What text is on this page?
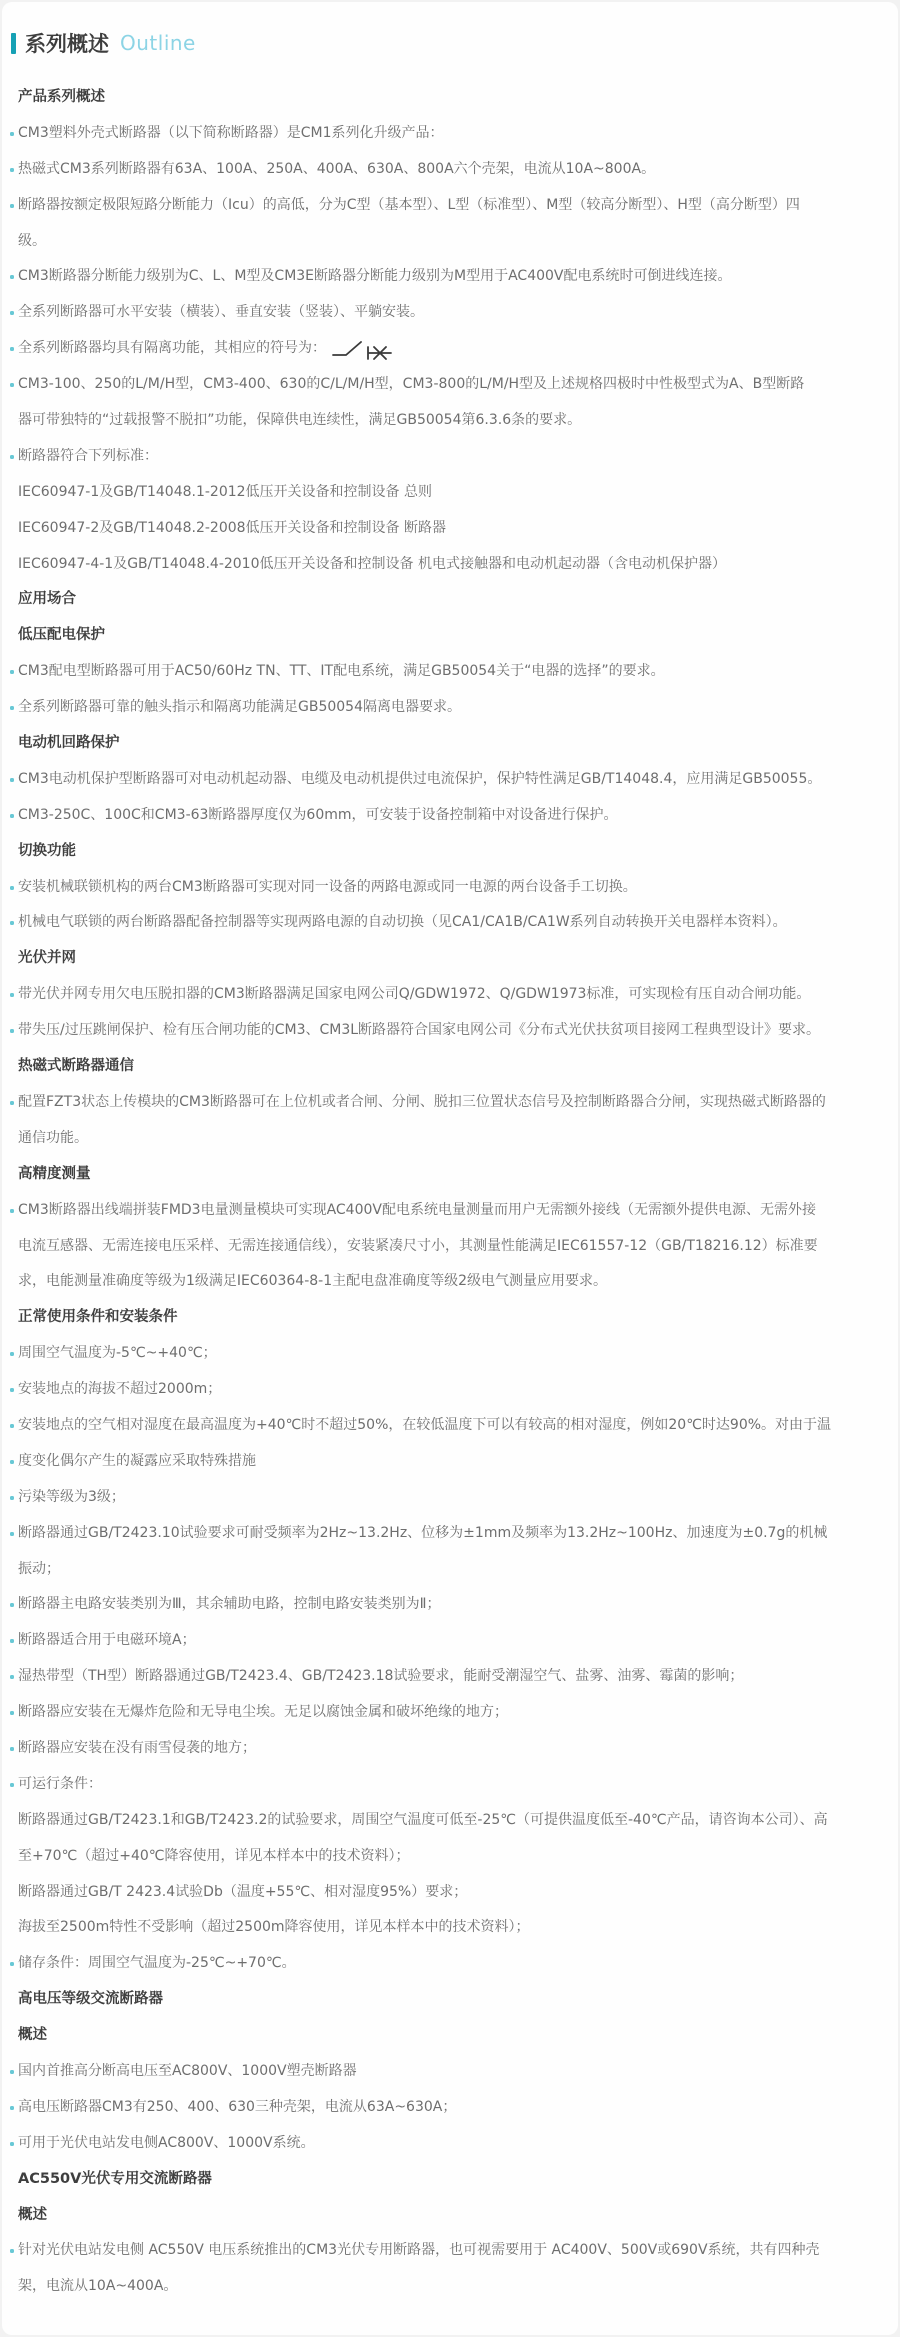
系列概述 Outline
产品系列概述
CM3塑料外壳式断路器（以下简称断路器）是CM1系列化升级产品：
热磁式CM3系列断路器有63A、100A、250A、400A、630A、800A六个壳架，电流从10A~800A。
断路器按额定极限短路分断能力（Icu）的高低，分为C型（基本型）、L型（标准型）、M型（较高分断型）、H型（高分断型）四
级。
CM3断路器分断能力级别为C、L、M型及CM3E断路器分断能力级别为M型用于AC400V配电系统时可倒进线连接。
全系列断路器可水平安装（横装）、垂直安装（竖装）、平躺安装。
全系列断路器均具有隔离功能，其相应的符号为：
CM3-100、250的L/M/H型，CM3-400、630的C/L/M/H型，CM3-800的L/M/H型及上述规格四极时中性极型式为A、B型断路
器可带独特的“过载报警不脱扣”功能，保障供电连续性，满足GB50054第6.3.6条的要求。
断路器符合下列标准：
IEC60947-1及GB/T14048.1-2012低压开关设备和控制设备 总则
IEC60947-2及GB/T14048.2-2008低压开关设备和控制设备 断路器
IEC60947-4-1及GB/T14048.4-2010低压开关设备和控制设备 机电式接触器和电动机起动器（含电动机保护器）
应用场合
低压配电保护
CM3配电型断路器可用于AC50/60Hz TN、TT、IT配电系统，满足GB50054关于“电器的选择”的要求。
全系列断路器可靠的触头指示和隔离功能满足GB50054隔离电器要求。
电动机回路保护
CM3电动机保护型断路器可对电动机起动器、电缆及电动机提供过电流保护，保护特性满足GB/T14048.4，应用满足GB50055。
CM3-250C、100C和CM3-63断路器厚度仅为60mm，可安装于设备控制箱中对设备进行保护。
切换功能
安装机械联锁机构的两台CM3断路器可实现对同一设备的两路电源或同一电源的两台设备手工切换。
机械电气联锁的两台断路器配备控制器等实现两路电源的自动切换（见CA1/CA1B/CA1W系列自动转换开关电器样本资料）。
光伏并网
带光伏并网专用欠电压脱扣器的CM3断路器满足国家电网公司Q/GDW1972、Q/GDW1973标准，可实现检有压自动合闸功能。
带失压/过压跳闸保护、检有压合闸功能的CM3、CM3L断路器符合国家电网公司《分布式光伏扶贫项目接网工程典型设计》要求。
热磁式断路器通信
配置FZT3状态上传模块的CM3断路器可在上位机或者合闸、分闸、脱扣三位置状态信号及控制断路器合分闸，实现热磁式断路器的
通信功能。
高精度测量
CM3断路器出线端拼装FMD3电量测量模块可实现AC400V配电系统电量测量而用户无需额外接线（无需额外提供电源、无需外接
电流互感器、无需连接电压采样、无需连接通信线），安装紧凑尺寸小，其测量性能满足IEC61557-12（GB/T18216.12）标准要
求，电能测量准确度等级为1级满足IEC60364-8-1主配电盘准确度等级2级电气测量应用要求。
正常使用条件和安装条件
周围空气温度为-5℃~+40℃；
安装地点的海拔不超过2000m；
安装地点的空气相对湿度在最高温度为+40℃时不超过50%，在较低温度下可以有较高的相对湿度，例如20℃时达90%。对由于温
度变化偶尔产生的凝露应采取特殊措施
污染等级为3级；
断路器通过GB/T2423.10试验要求可耐受频率为2Hz~13.2Hz、位移为±1mm及频率为13.2Hz~100Hz、加速度为±0.7g的机械
振动；
断路器主电路安装类别为Ⅲ，其余辅助电路，控制电路安装类别为Ⅱ；
断路器适合用于电磁环境A；
湿热带型（TH型）断路器通过GB/T2423.4、GB/T2423.18试验要求，能耐受潮湿空气、盐雾、油雾、霉菌的影响；
断路器应安装在无爆炸危险和无导电尘埃。无足以腐蚀金属和破坏绝缘的地方；
断路器应安装在没有雨雪侵袭的地方；
可运行条件：
断路器通过GB/T2423.1和GB/T2423.2的试验要求，周围空气温度可低至-25℃（可提供温度低至-40℃产品，请咨询本公司）、高
至+70℃（超过+40℃降容使用，详见本样本中的技术资料）；
断路器通过GB/T 2423.4试验Db（温度+55℃、相对湿度95%）要求；
海拔至2500m特性不受影响（超过2500m降容使用，详见本样本中的技术资料）；
储存条件：周围空气温度为-25℃~+70℃。
高电压等级交流断路器
概述
国内首推高分断高电压至AC800V、1000V塑壳断路器
高电压断路器CM3有250、400、630三种壳架，电流从63A~630A；
可用于光伏电站发电侧AC800V、1000V系统。
AC550V光伏专用交流断路器
概述
针对光伏电站发电侧 AC550V 电压系统推出的CM3光伏专用断路器，也可视需要用于 AC400V、500V或690V系统，共有四种壳
架，电流从10A~400A。
